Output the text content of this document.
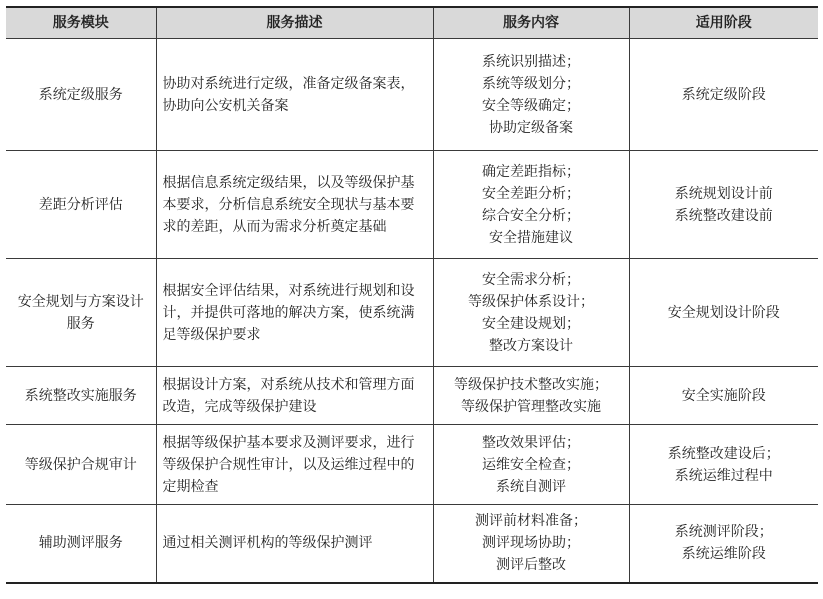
服务模块	服务描述	服务内容	适用阶段
系统定级服务	协助对系统进行定级，准备定级备案表，协助向公安机关备案	系统识别描述；
系统等级划分；
安全等级确定；
协助定级备案	系统定级阶段

差距分析评估	根据信息系统定级结果，以及等级保护基本要求，分析信息系统安全现状与基本要求的差距，从而为需求分析奠定基础	确定差距指标；
安全差距分析；
综合安全分析；
安全措施建议	系统规划设计前
系统整改建设前

安全规划与方案设计服务	根据安全评估结果，对系统进行规划和设计，并提供可落地的解决方案，使系统满足等级保护要求	安全需求分析；
等级保护体系设计；
安全建设规划；
整改方案设计	安全规划设计阶段

系统整改实施服务	根据设计方案，对系统从技术和管理方面改造，完成等级保护建设	等级保护技术整改实施；
等级保护管理整改实施	安全实施阶段

等级保护合规审计	根据等级保护基本要求及测评要求，进行等级保护合规性审计，以及运维过程中的定期检查	整改效果评估；
运维安全检查；
系统自测评	系统整改建设后；
系统运维过程中

辅助测评服务	通过相关测评机构的等级保护测评	测评前材料准备；
测评现场协助；
测评后整改	系统测评阶段；
系统运维阶段
